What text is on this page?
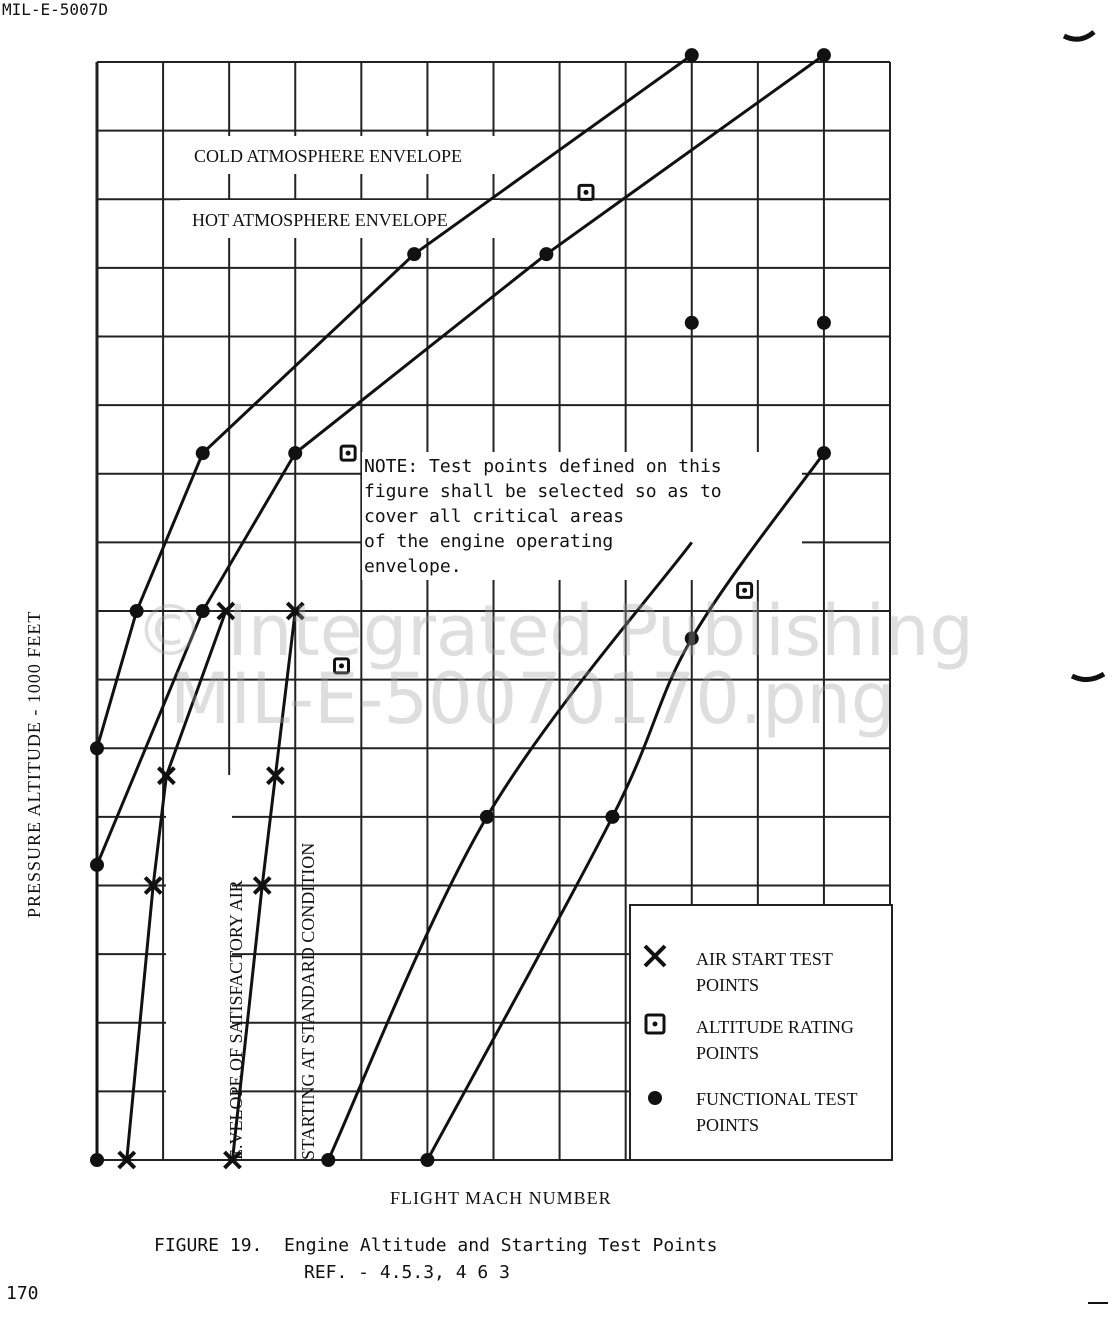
MIL-E-5007D
© Integrated Publishing
MIL-E-50070170.png
COLD ATMOSPHERE ENVELOPE
HOT ATMOSPHERE ENVELOPE
NOTE: Test points defined on this
figure shall be selected so as to
cover all critical areas
of the engine operating
envelope.

E.VELOPE OF SATISFACTORY AIR

	STARTING AT STANDARD CONDITION

PRESSURE ALTITUDE - 1000 FEET
FLIGHT MACH NUMBER
AIR START TEST
POINTS
ALTITUDE RATING
POINTS
FUNCTIONAL TEST
POINTS
FIGURE 19.  Engine Altitude and Starting Test Points
REF. - 4.5.3, 4 6 3
170
